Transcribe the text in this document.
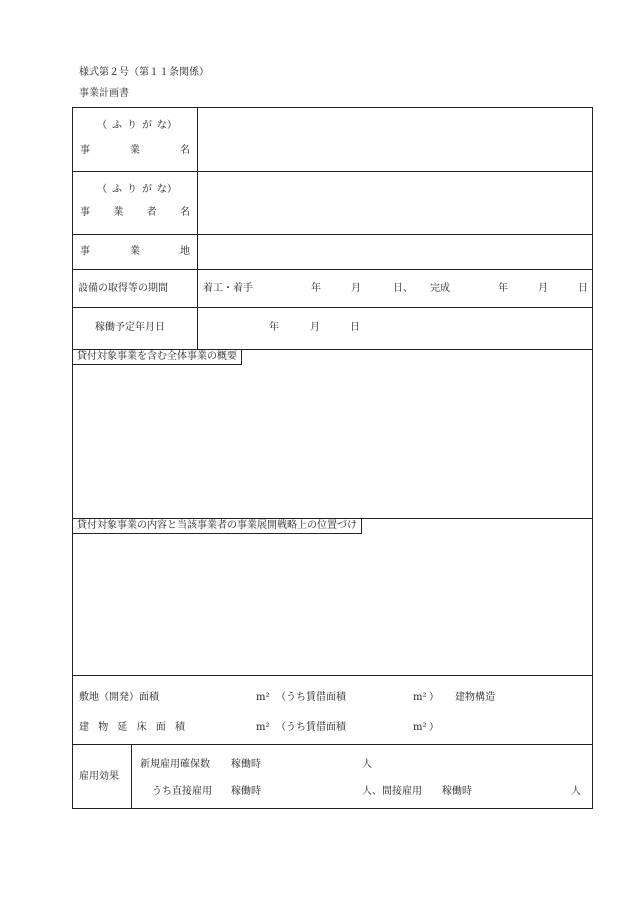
様式第２号（第１１条関係）
事業計画書
（ ふ り が な）
事	業	名
（ ふ り が な）
事 業 者 名
事	業	地
設備の取得等の期間	着工・着手	年	月	日、 完成	年	月	日
稼働予定年月日	年	月	日
貸付対象事業を含む全体事業の概要
貸付対象事業の内容と当該事業者の事業展開戦略上の位置づけ
敷地（開発）面積	m² （うち賃借面積	m² ） 建物構造
建 物 延 床 面 積	m² （うち賃借面積	m² ）
雇用効果
新規雇用確保数 稼働時	人
うち直接雇用 稼働時	人、間接雇用 稼働時	人
